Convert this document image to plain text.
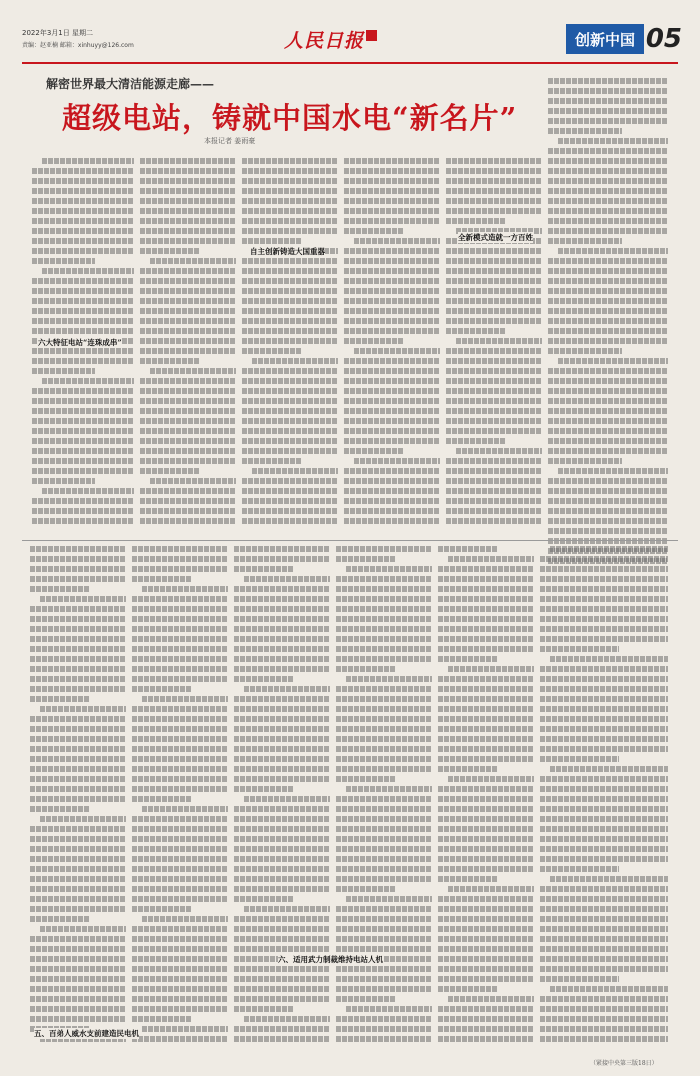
2022年3月1日 星期二
责编：赵亚楠 邮箱：xinhuyy@126.com	人民日报	创新中国 05
解密世界最大清洁能源走廊——
超级电站，铸就中国水电“新名片”
本报记者 姜雨豪
六大特征电站“连珠成串”
自主创新铸造大国重器
全新模式造就一方百姓
五、百弟人威水支前建造民电机
六、适用武力制裁维持电站人机
（紧接中央第三版18日）
